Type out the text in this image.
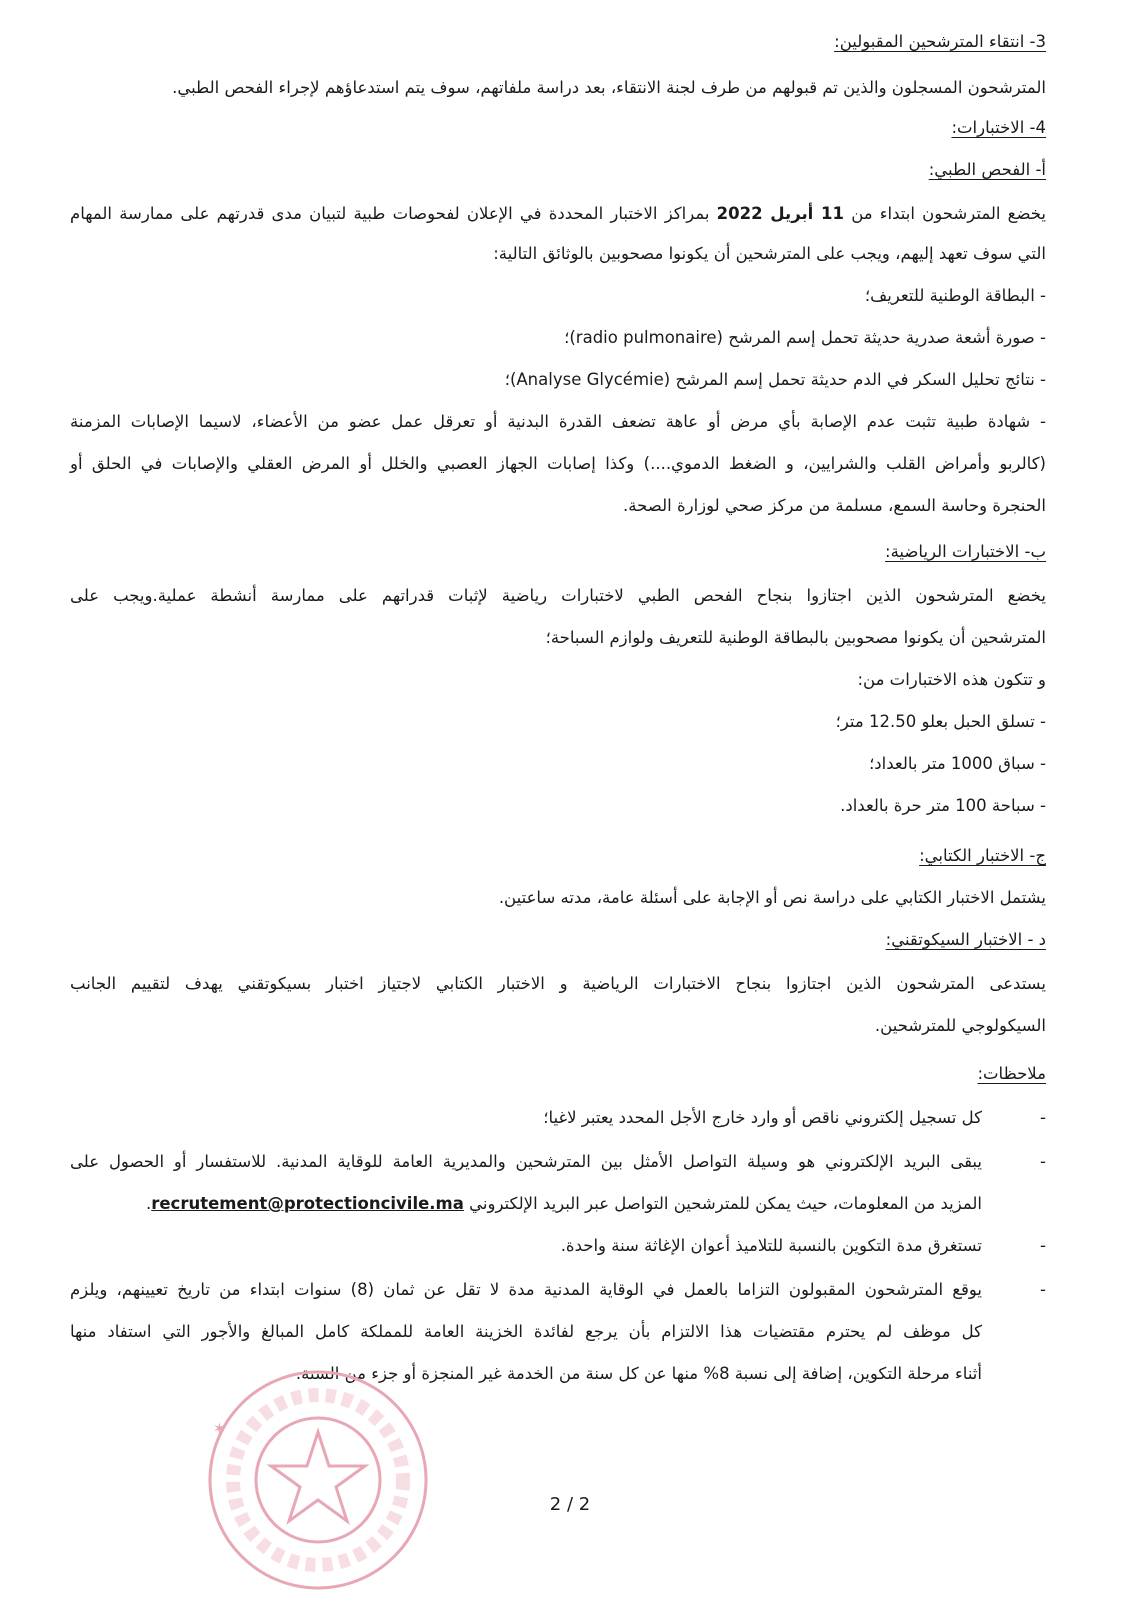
3- انتقاء المترشحين المقبولين:
المترشحون المسجلون والذين تم قبولهم من طرف لجنة الانتقاء، بعد دراسة ملفاتهم، سوف يتم استدعاؤهم لإجراء الفحص الطبي.
4- الاختبارات:
أ- الفحص الطبي:
يخضع المترشحون ابتداء من 11 أبريل 2022 بمراكز الاختبار المحددة في الإعلان لفحوصات طبية لتبيان مدى قدرتهم على ممارسة المهام
التي سوف تعهد إليهم، ويجب على المترشحين أن يكونوا مصحوبين بالوثائق التالية:
- البطاقة الوطنية للتعريف؛
- صورة أشعة صدرية حديثة تحمل إسم المرشح (radio pulmonaire)؛
- نتائج تحليل السكر في الدم حديثة تحمل إسم المرشح (Analyse Glycémie)؛
- شهادة طبية تثبت عدم الإصابة بأي مرض أو عاهة تضعف القدرة البدنية أو تعرقل عمل عضو من الأعضاء، لاسيما الإصابات المزمنة
(كالربو وأمراض القلب والشرايين، و الضغط الدموي....) وكذا إصابات الجهاز العصبي والخلل أو المرض العقلي والإصابات في الحلق أو
الحنجرة وحاسة السمع، مسلمة من مركز صحي لوزارة الصحة.
ب- الاختبارات الرياضية:
يخضع المترشحون الذين اجتازوا بنجاح الفحص الطبي لاختبارات رياضية لإثبات قدراتهم على ممارسة أنشطة عملية.ويجب على
المترشحين أن يكونوا مصحوبين بالبطاقة الوطنية للتعريف ولوازم السباحة؛
و تتكون هذه الاختبارات من:
- تسلق الحبل بعلو 12.50 متر؛
- سباق 1000 متر بالعداد؛
- سباحة 100 متر حرة بالعداد.
ج- الاختبار الكتابي:
يشتمل الاختبار الكتابي على دراسة نص أو الإجابة على أسئلة عامة، مدته ساعتين.
د - الاختبار السيكوتقني:
يستدعى المترشحون الذين اجتازوا بنجاح الاختبارات الرياضية و الاختبار الكتابي لاجتياز اختبار بسيكوتقني يهدف لتقييم الجانب
السيكولوجي للمترشحين.
ملاحظات:
-
كل تسجيل إلكتروني ناقص أو وارد خارج الأجل المحدد يعتبر لاغيا؛
-
يبقى البريد الإلكتروني هو وسيلة التواصل الأمثل بين المترشحين والمديرية العامة للوقاية المدنية. للاستفسار أو الحصول على
المزيد من المعلومات، حيث يمكن للمترشحين التواصل عبر البريد الإلكتروني recrutement@protectioncivile.ma.
-
تستغرق مدة التكوين بالنسبة للتلاميذ أعوان الإغاثة سنة واحدة.
-
يوقع المترشحون المقبولون التزاما بالعمل في الوقاية المدنية مدة لا تقل عن ثمان (8) سنوات ابتداء من تاريخ تعيينهم، ويلزم
كل موظف لم يحترم مقتضيات هذا الالتزام بأن يرجع لفائدة الخزينة العامة للمملكة كامل المبالغ والأجور التي استفاد منها
أثناء مرحلة التكوين، إضافة إلى نسبة 8% منها عن كل سنة من الخدمة غير المنجزة أو جزء من السنة.
✶
2 / 2
